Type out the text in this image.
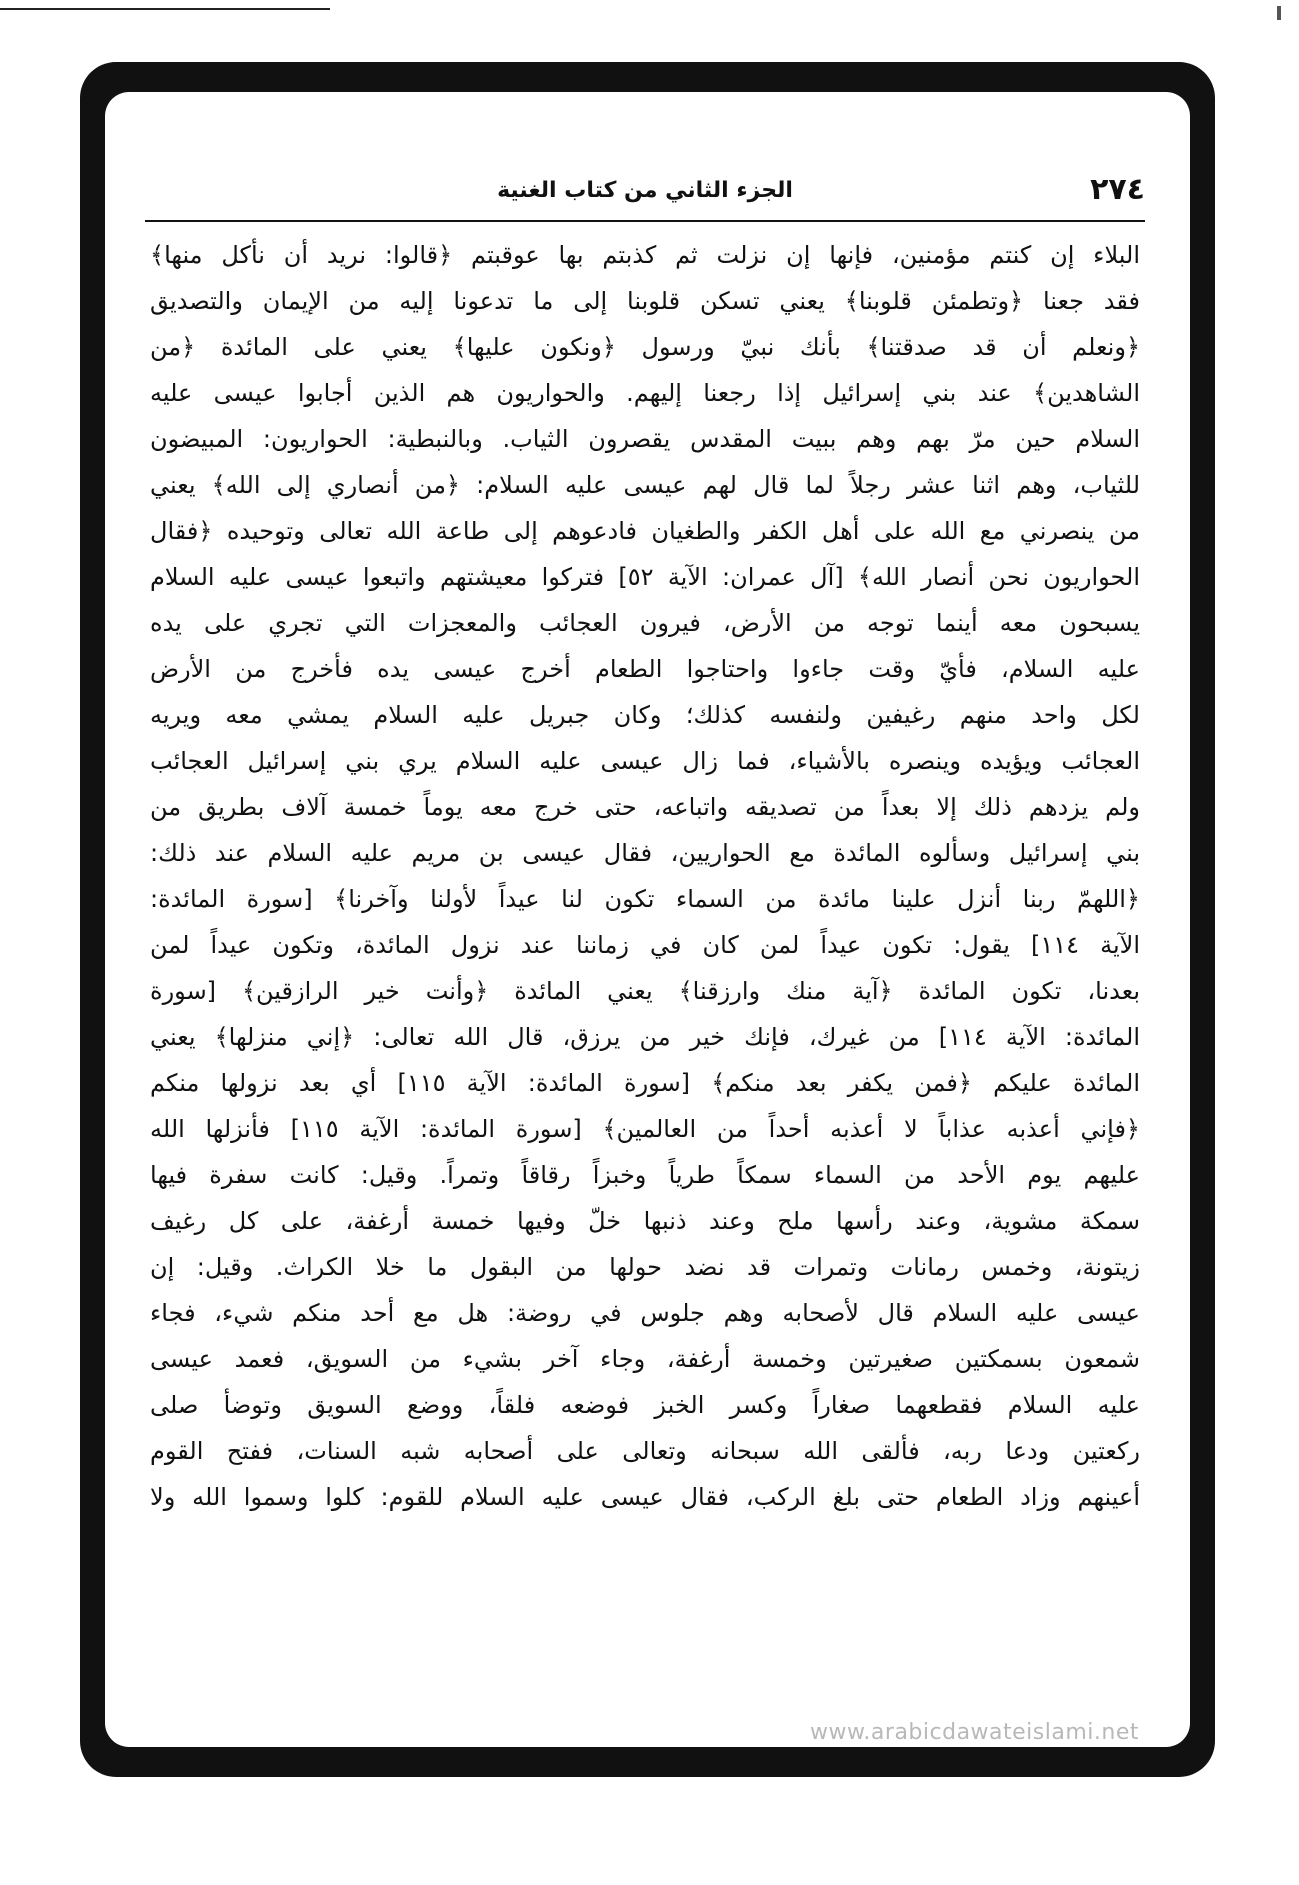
٢٧٤
الجزء الثاني من كتاب الغنية
البلاء إن كنتم مؤمنين، فإنها إن نزلت ثم كذبتم بها عوقبتم ﴿قالوا: نريد أن نأكل منها﴾
فقد جعنا ﴿وتطمئن قلوبنا﴾ يعني تسكن قلوبنا إلى ما تدعونا إليه من الإيمان والتصديق
﴿ونعلم أن قد صدقتنا﴾ بأنك نبيّ ورسول ﴿ونكون عليها﴾ يعني على المائدة ﴿من
الشاهدين﴾ عند بني إسرائيل إذا رجعنا إليهم. والحواريون هم الذين أجابوا عيسى عليه
السلام حين مرّ بهم وهم ببيت المقدس يقصرون الثياب. وبالنبطية: الحواريون: المبيضون
للثياب، وهم اثنا عشر رجلاً لما قال لهم عيسى عليه السلام: ﴿من أنصاري إلى الله﴾ يعني
من ينصرني مع الله على أهل الكفر والطغيان فادعوهم إلى طاعة الله تعالى وتوحيده ﴿فقال
الحواريون نحن أنصار الله﴾ [آل عمران: الآية ٥٢] فتركوا معيشتهم واتبعوا عيسى عليه السلام
يسبحون معه أينما توجه من الأرض، فيرون العجائب والمعجزات التي تجري على يده
عليه السلام، فأيّ وقت جاءوا واحتاجوا الطعام أخرج عيسى يده فأخرج من الأرض
لكل واحد منهم رغيفين ولنفسه كذلك؛ وكان جبريل عليه السلام يمشي معه ويريه
العجائب ويؤيده وينصره بالأشياء، فما زال عيسى عليه السلام يري بني إسرائيل العجائب
ولم يزدهم ذلك إلا بعداً من تصديقه واتباعه، حتى خرج معه يوماً خمسة آلاف بطريق من
بني إسرائيل وسألوه المائدة مع الحواريين، فقال عيسى بن مريم عليه السلام عند ذلك:
﴿اللهمّ ربنا أنزل علينا مائدة من السماء تكون لنا عيداً لأولنا وآخرنا﴾ [سورة المائدة:
الآية ١١٤] يقول: تكون عيداً لمن كان في زماننا عند نزول المائدة، وتكون عيداً لمن
بعدنا، تكون المائدة ﴿آية منك وارزقنا﴾ يعني المائدة ﴿وأنت خير الرازقين﴾ [سورة
المائدة: الآية ١١٤] من غيرك، فإنك خير من يرزق، قال الله تعالى: ﴿إني منزلها﴾ يعني
المائدة عليكم ﴿فمن يكفر بعد منكم﴾ [سورة المائدة: الآية ١١٥] أي بعد نزولها منكم
﴿فإني أعذبه عذاباً لا أعذبه أحداً من العالمين﴾ [سورة المائدة: الآية ١١٥] فأنزلها الله
عليهم يوم الأحد من السماء سمكاً طرياً وخبزاً رقاقاً وتمراً. وقيل: كانت سفرة فيها
سمكة مشوية، وعند رأسها ملح وعند ذنبها خلّ وفيها خمسة أرغفة، على كل رغيف
زيتونة، وخمس رمانات وتمرات قد نضد حولها من البقول ما خلا الكراث. وقيل: إن
عيسى عليه السلام قال لأصحابه وهم جلوس في روضة: هل مع أحد منكم شيء، فجاء
شمعون بسمكتين صغيرتين وخمسة أرغفة، وجاء آخر بشيء من السويق، فعمد عيسى
عليه السلام فقطعهما صغاراً وكسر الخبز فوضعه فلقاً، ووضع السويق وتوضأ صلى
ركعتين ودعا ربه، فألقى الله سبحانه وتعالى على أصحابه شبه السنات، ففتح القوم
أعينهم وزاد الطعام حتى بلغ الركب، فقال عيسى عليه السلام للقوم: كلوا وسموا الله ولا
www.arabicdawateislami.net
